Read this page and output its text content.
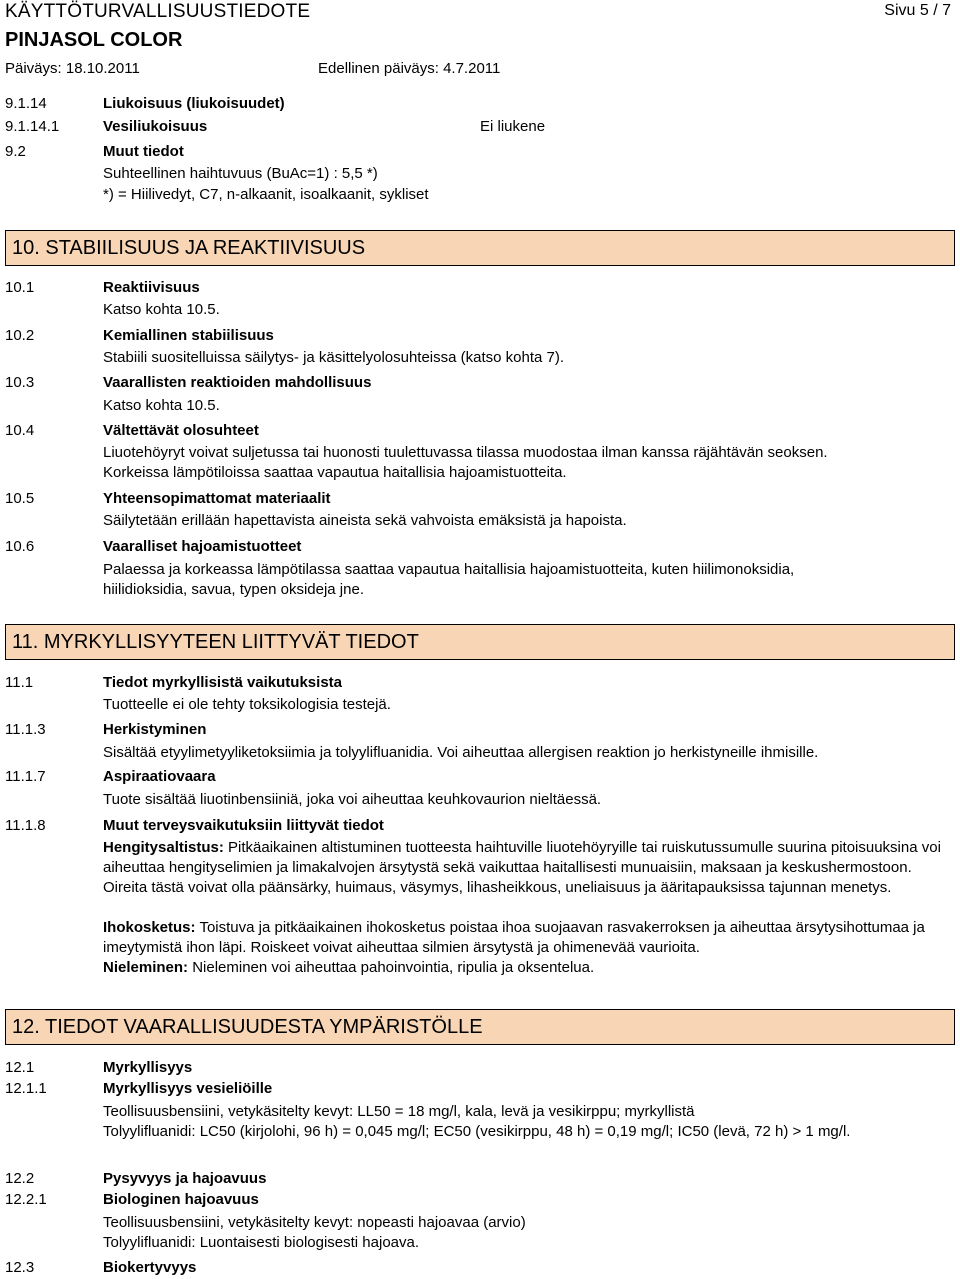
KÄYTTÖTURVALLISUUSTIEDOTE	Sivu 5 / 7
PINJASOL COLOR
Päiväys: 18.10.2011	Edellinen päiväys: 4.7.2011
9.1.14	Liukoisuus (liukoisuudet)
9.1.14.1	Vesiliukoisuus	Ei liukene
9.2	Muut tiedot
Suhteellinen haihtuvuus (BuAc=1) : 5,5 *)
*) = Hiilivedyt, C7, n-alkaanit, isoalkaanit, sykliset
10. STABIILISUUS JA REAKTIIVISUUS
10.1	Reaktiivisuus
Katso kohta 10.5.
10.2	Kemiallinen stabiilisuus
Stabiili suositelluissa säilytys- ja käsittelyolosuhteissa (katso kohta 7).
10.3	Vaarallisten reaktioiden mahdollisuus
Katso kohta 10.5.
10.4	Vältettävät olosuhteet
Liuotehöyryt voivat suljetussa tai huonosti tuulettuvassa tilassa muodostaa ilman kanssa räjähtävän seoksen.
Korkeissa lämpötiloissa saattaa vapautua haitallisia hajoamistuotteita.
10.5	Yhteensopimattomat materiaalit
Säilytetään erillään hapettavista aineista sekä vahvoista emäksistä ja hapoista.
10.6	Vaaralliset hajoamistuotteet
Palaessa ja korkeassa lämpötilassa saattaa vapautua haitallisia hajoamistuotteita, kuten hiilimonoksidia,
hiilidioksidia, savua, typen oksideja jne.
11. MYRKYLLISYYTEEN LIITTYVÄT TIEDOT
11.1	Tiedot myrkyllisistä vaikutuksista
Tuotteelle ei ole tehty toksikologisia testejä.
11.1.3	Herkistyminen
Sisältää etyylimetyyliketoksiimia ja tolyylifluanidia. Voi aiheuttaa allergisen reaktion jo herkistyneille ihmisille.
11.1.7	Aspiraatiovaara
Tuote sisältää liuotinbensiiniä, joka voi aiheuttaa keuhkovaurion nieltäessä.
11.1.8	Muut terveysvaikutuksiin liittyvät tiedot
Hengitysaltistus: Pitkäaikainen altistuminen tuotteesta haihtuville liuotehöyryille tai ruiskutussumulle suurina pitoisuuksina voi aiheuttaa hengityselimien ja limakalvojen ärsytystä sekä vaikuttaa haitallisesti munuaisiin, maksaan ja keskushermostoon. Oireita tästä voivat olla päänsärky, huimaus, väsymys, lihasheikkous, uneliaisuus ja ääritapauksissa tajunnan menetys.
Ihokosketus: Toistuva ja pitkäaikainen ihokosketus poistaa ihoa suojaavan rasvakerroksen ja aiheuttaa ärsytysihottumaa ja imeytymistä ihon läpi. Roiskeet voivat aiheuttaa silmien ärsytystä ja ohimenevää vaurioita.
Nieleminen: Nieleminen voi aiheuttaa pahoinvointia, ripulia ja oksentelua.
12. TIEDOT VAARALLISUUDESTA YMPÄRISTÖLLE
12.1	Myrkyllisyys
12.1.1	Myrkyllisyys vesieliöille
Teollisuusbensiini, vetykäsitelty kevyt: LL50 = 18 mg/l, kala, levä ja vesikirppu; myrkyllistä
Tolyylifluanidi: LC50 (kirjolohi, 96 h) = 0,045 mg/l; EC50 (vesikirppu, 48 h) = 0,19 mg/l; IC50 (levä, 72 h) > 1 mg/l.
12.2	Pysyvyys ja hajoavuus
12.2.1	Biologinen hajoavuus
Teollisuusbensiini, vetykäsitelty kevyt: nopeasti hajoavaa (arvio)
Tolyylifluanidi: Luontaisesti biologisesti hajoava.
12.3	Biokertyvyys
